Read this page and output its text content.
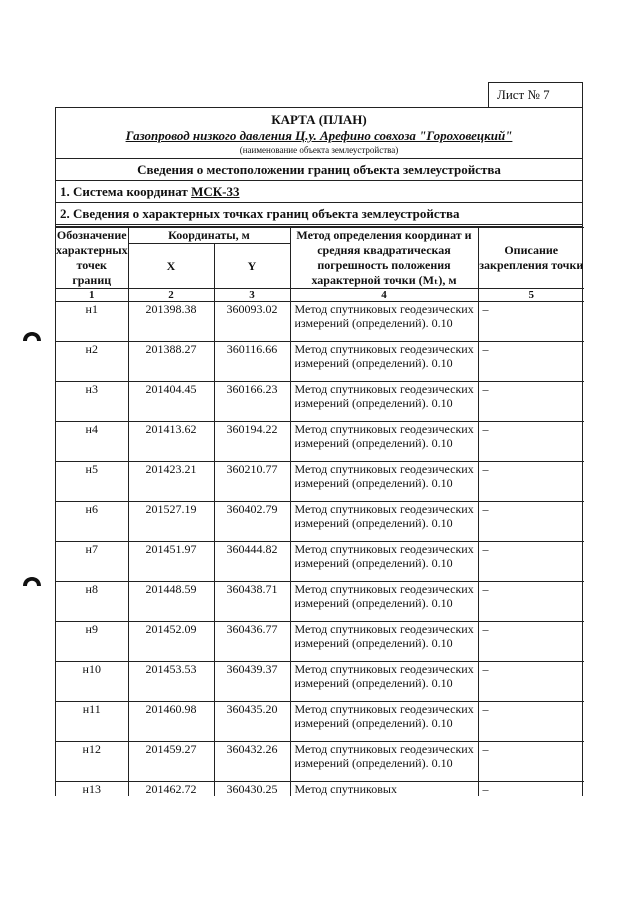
Лист № 7
КАРТА (ПЛАН)
Газопровод низкого давления Ц.у. Арефино совхоза "Гороховецкий"
(наименование объекта землеустройства)
Сведения о местоположении границ объекта землеустройства
1. Система координат МСК-33
2. Сведения о характерных точках границ объекта землеустройства
Обозначение характерных точек границ	Координаты, м		Метод определения координат и средняя квадратическая погрешность положения характерной точки (Мₜ), м	Описание закрепления точки
	X	Y		
1	2	3	4	5
н1	201398.38	360093.02	Метод спутниковых геодезических измерений (определений). 0.10	–
н2	201388.27	360116.66	Метод спутниковых геодезических измерений (определений). 0.10	–
н3	201404.45	360166.23	Метод спутниковых геодезических измерений (определений). 0.10	–
н4	201413.62	360194.22	Метод спутниковых геодезических измерений (определений). 0.10	–
н5	201423.21	360210.77	Метод спутниковых геодезических измерений (определений). 0.10	–
н6	201527.19	360402.79	Метод спутниковых геодезических измерений (определений). 0.10	–
н7	201451.97	360444.82	Метод спутниковых геодезических измерений (определений). 0.10	–
н8	201448.59	360438.71	Метод спутниковых геодезических измерений (определений). 0.10	–
н9	201452.09	360436.77	Метод спутниковых геодезических измерений (определений). 0.10	–
н10	201453.53	360439.37	Метод спутниковых геодезических измерений (определений). 0.10	–
н11	201460.98	360435.20	Метод спутниковых геодезических измерений (определений). 0.10	–
н12	201459.27	360432.26	Метод спутниковых геодезических измерений (определений). 0.10	–
н13	201462.72	360430.25	Метод спутниковых	–
